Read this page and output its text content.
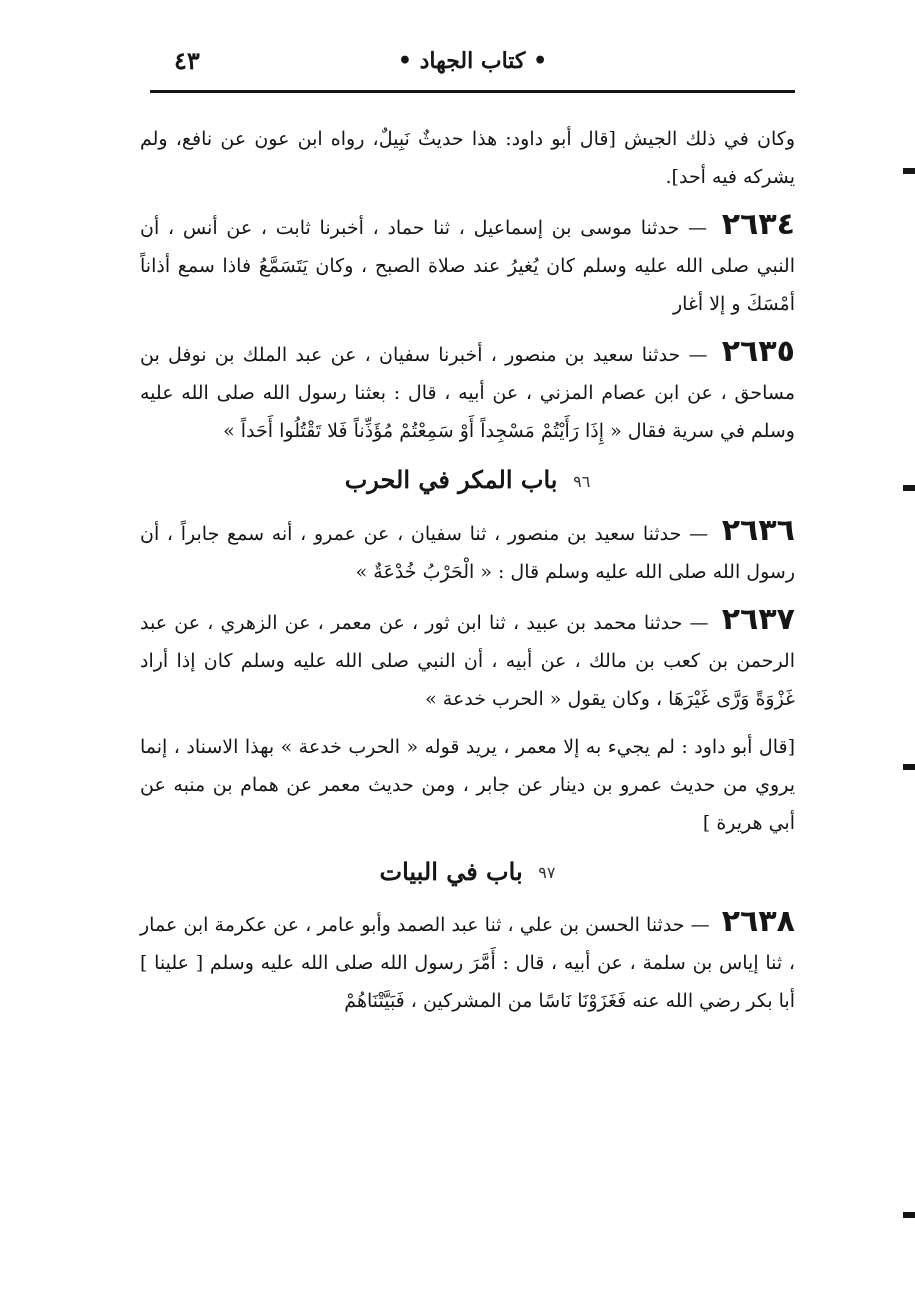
• كتاب الجهاد •
٤٣

وكان في ذلك الجيش [قال أبو داود: هذا حديثٌ نَبِيلٌ، رواه ابن عون عن نافع، ولم يشركه فيه أحد].

٢٦٣٤ — حدثنا موسى بن إسماعيل ، ثنا حماد ، أخبرنا ثابت ، عن أنس ، أن النبي صلى الله عليه وسلم كان يُغيرُ عند صلاة الصبح ، وكان يَتَسَمَّعُ فاذا سمع أذاناً أمْسَكَ و إلا أغار

٢٦٣٥ — حدثنا سعيد بن منصور ، أخبرنا سفيان ، عن عبد الملك بن نوفل بن مساحق ، عن ابن عصام المزني ، عن أبيه ، قال : بعثنا رسول الله صلى الله عليه وسلم في سرية فقال « إِذَا رَأَيْتُمْ مَسْجِداً أَوْ سَمِعْتُمْ مُؤَذِّناً فَلا تَقْتُلُوا أَحَداً »

٩٦ باب المكر في الحرب

٢٦٣٦ — حدثنا سعيد بن منصور ، ثنا سفيان ، عن عمرو ، أنه سمع جابراً ، أن رسول الله صلى الله عليه وسلم قال : « الْحَرْبُ خُدْعَةٌ »

٢٦٣٧ — حدثنا محمد بن عبيد ، ثنا ابن ثور ، عن معمر ، عن الزهري ، عن عبد الرحمن بن كعب بن مالك ، عن أبيه ، أن النبي صلى الله عليه وسلم كان إذا أراد غَزْوَةً وَرَّى غَيْرَهَا ، وكان يقول « الحرب خدعة »

[قال أبو داود : لم يجيء به إلا معمر ، يريد قوله « الحرب خدعة » بهذا الاسناد ، إنما يروي من حديث عمرو بن دينار عن جابر ، ومن حديث معمر عن همام بن منبه عن أبي هريرة ]

٩٧ باب في البيات

٢٦٣٨ — حدثنا الحسن بن علي ، ثنا عبد الصمد وأبو عامر ، عن عكرمة ابن عمار ، ثنا إياس بن سلمة ، عن أبيه ، قال : أَمَّرَ رسول الله صلى الله عليه وسلم [ علينا ] أبا بكر رضي الله عنه فَغَزَوْنَا نَاسًا من المشركين ، فَبَيَّتْنَاهُمْ
